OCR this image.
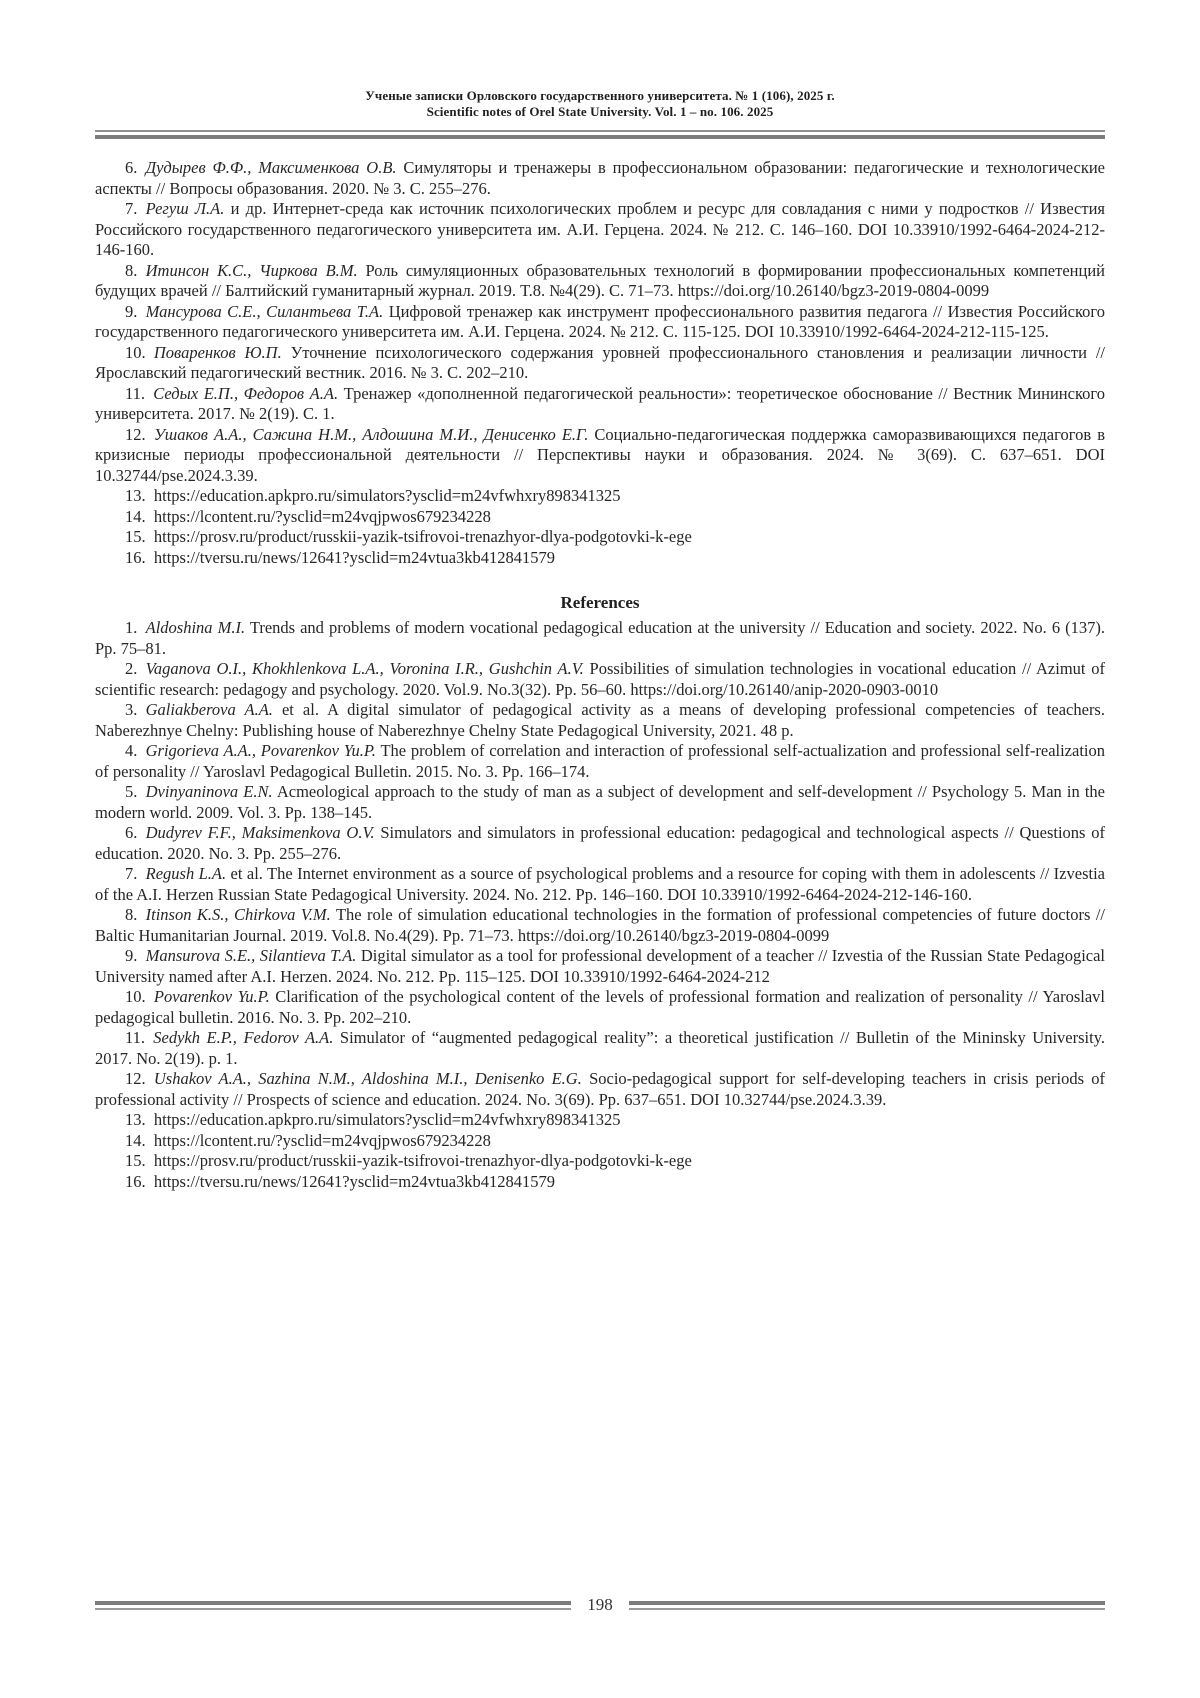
Ученые записки Орловского государственного университета. № 1 (106), 2025 г.
Scientific notes of Orel State University. Vol. 1 – no. 106. 2025

6.  Дудырев Ф.Ф., Максименкова О.В. Симуляторы и тренажеры в профессиональном образовании: педагогические и технологические аспекты // Вопросы образования. 2020. № 3. С. 255–276.

7.  Регуш Л.А. и др. Интернет-среда как источник психологических проблем и ресурс для совладания с ними у подростков // Известия Российского государственного педагогического университета им. А.И. Герцена. 2024. № 212. С. 146–160. DOI 10.33910/1992-6464-2024-212-146-160.

8.  Итинсон К.С., Чиркова В.М. Роль симуляционных образовательных технологий в формировании профессиональных компетенций будущих врачей // Балтийский гуманитарный журнал. 2019. Т.8. №4(29). С. 71–73. https://doi.org/10.26140/bgz3-2019-0804-0099

9.  Мансурова С.Е., Силантьева Т.А. Цифровой тренажер как инструмент профессионального развития педагога // Известия Российского государственного педагогического университета им. А.И. Герцена. 2024. № 212. С. 115-125. DOI 10.33910/1992-6464-2024-212-115-125.

10.  Поваренков Ю.П. Уточнение психологического содержания уровней профессионального становления и реализации личности // Ярославский педагогический вестник. 2016. № 3. С. 202–210.

11.  Седых Е.П., Федоров А.А. Тренажер «дополненной педагогической реальности»: теоретическое обоснование // Вестник Мининского университета. 2017. № 2(19). С. 1.

12.  Ушаков А.А., Сажина Н.М., Алдошина М.И., Денисенко Е.Г. Социально-педагогическая поддержка саморазвивающихся педагогов в кризисные периоды профессиональной деятельности // Перспективы науки и образования. 2024. № 3(69). С. 637–651. DOI 10.32744/pse.2024.3.39.

13.  https://education.apkpro.ru/simulators?ysclid=m24vfwhxry898341325

14.  https://lcontent.ru/?ysclid=m24vqjpwos679234228

15.  https://prosv.ru/product/russkii-yazik-tsifrovoi-trenazhyor-dlya-podgotovki-k-ege

16.  https://tversu.ru/news/12641?ysclid=m24vtua3kb412841579

References

1.  Aldoshina M.I. Trends and problems of modern vocational pedagogical education at the university // Education and society. 2022. No. 6 (137). Pp. 75–81.

2.  Vaganova O.I., Khokhlenkova L.A., Voronina I.R., Gushchin A.V. Possibilities of simulation technologies in vocational education // Azimut of scientific research: pedagogy and psychology. 2020. Vol.9. No.3(32). Pp. 56–60. https://doi.org/10.26140/anip-2020-0903-0010

3.  Galiakberova A.A. et al. A digital simulator of pedagogical activity as a means of developing professional competencies of teachers. Naberezhnye Chelny: Publishing house of Naberezhnye Chelny State Pedagogical University, 2021. 48 p.

4.  Grigorieva A.A., Povarenkov Yu.P. The problem of correlation and interaction of professional self-actualization and professional self-realization of personality // Yaroslavl Pedagogical Bulletin. 2015. No. 3. Pp. 166–174.

5.  Dvinyaninova E.N. Acmeological approach to the study of man as a subject of development and self-development // Psychology 5. Man in the modern world. 2009. Vol. 3. Pp. 138–145.

6.  Dudyrev F.F., Maksimenkova O.V. Simulators and simulators in professional education: pedagogical and technological aspects // Questions of education. 2020. No. 3. Pp. 255–276.

7.  Regush L.A. et al. The Internet environment as a source of psychological problems and a resource for coping with them in adolescents // Izvestia of the A.I. Herzen Russian State Pedagogical University. 2024. No. 212. Pp. 146–160. DOI 10.33910/1992-6464-2024-212-146-160.

8.  Itinson K.S., Chirkova V.M. The role of simulation educational technologies in the formation of professional competencies of future doctors // Baltic Humanitarian Journal. 2019. Vol.8. No.4(29). Pp. 71–73. https://doi.org/10.26140/bgz3-2019-0804-0099

9.  Mansurova S.E., Silantieva T.A. Digital simulator as a tool for professional development of a teacher // Izvestia of the Russian State Pedagogical University named after A.I. Herzen. 2024. No. 212. Pp. 115–125. DOI 10.33910/1992-6464-2024-212

10.  Povarenkov Yu.P. Clarification of the psychological content of the levels of professional formation and realization of personality // Yaroslavl pedagogical bulletin. 2016. No. 3. Pp. 202–210.

11.  Sedykh E.P., Fedorov A.A. Simulator of “augmented pedagogical reality”: a theoretical justification // Bulletin of the Mininsky University. 2017. No. 2(19). p. 1.

12.  Ushakov A.A., Sazhina N.M., Aldoshina M.I., Denisenko E.G. Socio-pedagogical support for self-developing teachers in crisis periods of professional activity // Prospects of science and education. 2024. No. 3(69). Pp. 637–651. DOI 10.32744/pse.2024.3.39.

13.  https://education.apkpro.ru/simulators?ysclid=m24vfwhxry898341325

14.  https://lcontent.ru/?ysclid=m24vqjpwos679234228

15.  https://prosv.ru/product/russkii-yazik-tsifrovoi-trenazhyor-dlya-podgotovki-k-ege

16.  https://tversu.ru/news/12641?ysclid=m24vtua3kb412841579

198
